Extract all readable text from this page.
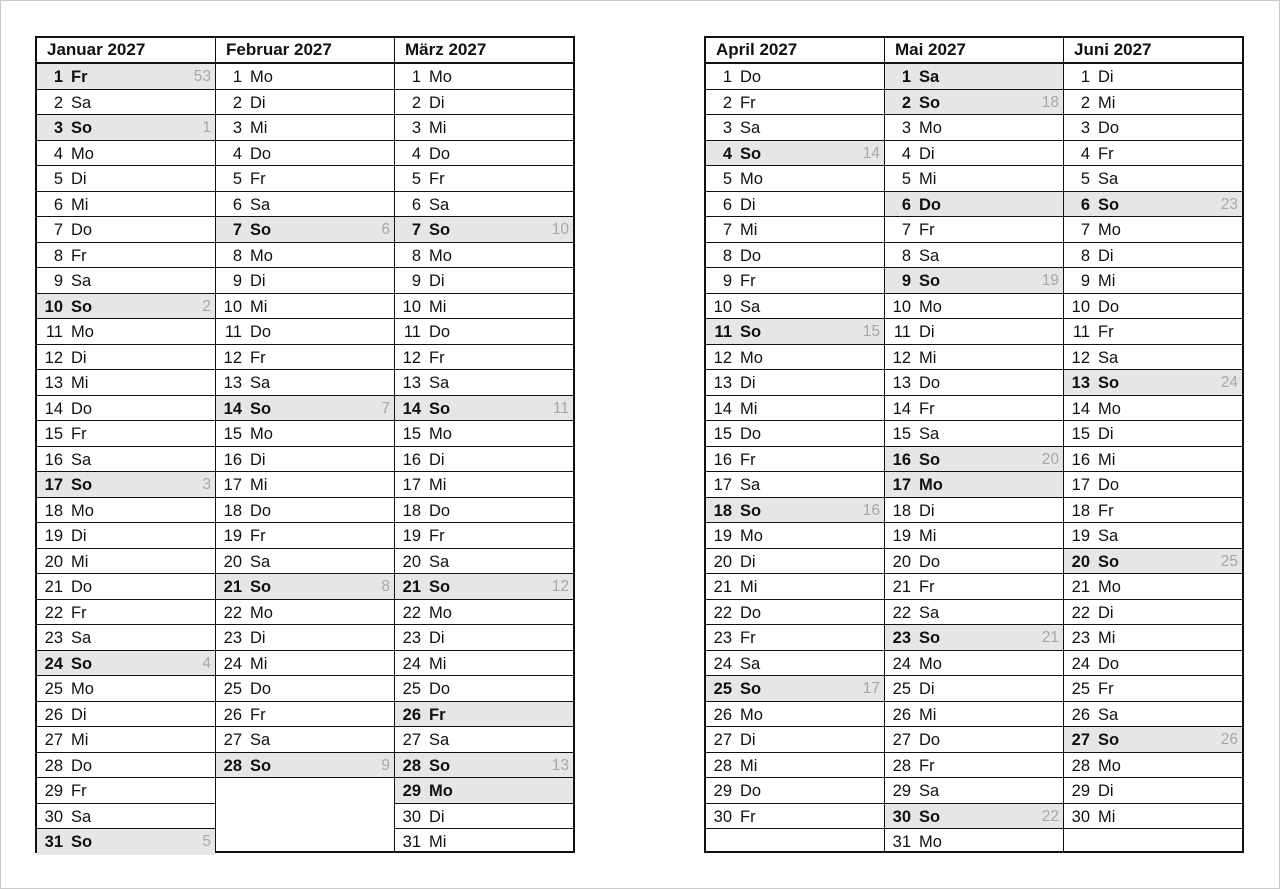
Januar 2027
1 Fr	53
2 Sa
3 So	1
4 Mo
5 Di
6 Mi
7 Do
8 Fr
9 Sa
10 So	2
11 Mo
12 Di
13 Mi
14 Do
15 Fr
16 Sa
17 So	3
18 Mo
19 Di
20 Mi
21 Do
22 Fr
23 Sa
24 So	4
25 Mo
26 Di
27 Mi
28 Do
29 Fr
30 Sa
31 So	5
Februar 2027
1 Mo
2 Di
3 Mi
4 Do
5 Fr
6 Sa
7 So	6
8 Mo
9 Di
10 Mi
11 Do
12 Fr
13 Sa
14 So	7
15 Mo
16 Di
17 Mi
18 Do
19 Fr
20 Sa
21 So	8
22 Mo
23 Di
24 Mi
25 Do
26 Fr
27 Sa
28 So	9
März 2027
1 Mo
2 Di
3 Mi
4 Do
5 Fr
6 Sa
7 So	10
8 Mo
9 Di
10 Mi
11 Do
12 Fr
13 Sa
14 So	11
15 Mo
16 Di
17 Mi
18 Do
19 Fr
20 Sa
21 So	12
22 Mo
23 Di
24 Mi
25 Do
26 Fr
27 Sa
28 So	13
29 Mo
30 Di
31 Mi
April 2027
1 Do
2 Fr
3 Sa
4 So	14
5 Mo
6 Di
7 Mi
8 Do
9 Fr
10 Sa
11 So	15
12 Mo
13 Di
14 Mi
15 Do
16 Fr
17 Sa
18 So	16
19 Mo
20 Di
21 Mi
22 Do
23 Fr
24 Sa
25 So	17
26 Mo
27 Di
28 Mi
29 Do
30 Fr
Mai 2027
1 Sa
2 So	18
3 Mo
4 Di
5 Mi
6 Do
7 Fr
8 Sa
9 So	19
10 Mo
11 Di
12 Mi
13 Do
14 Fr
15 Sa
16 So	20
17 Mo
18 Di
19 Mi
20 Do
21 Fr
22 Sa
23 So	21
24 Mo
25 Di
26 Mi
27 Do
28 Fr
29 Sa
30 So	22
31 Mo
Juni 2027
1 Di
2 Mi
3 Do
4 Fr
5 Sa
6 So	23
7 Mo
8 Di
9 Mi
10 Do
11 Fr
12 Sa
13 So	24
14 Mo
15 Di
16 Mi
17 Do
18 Fr
19 Sa
20 So	25
21 Mo
22 Di
23 Mi
24 Do
25 Fr
26 Sa
27 So	26
28 Mo
29 Di
30 Mi
